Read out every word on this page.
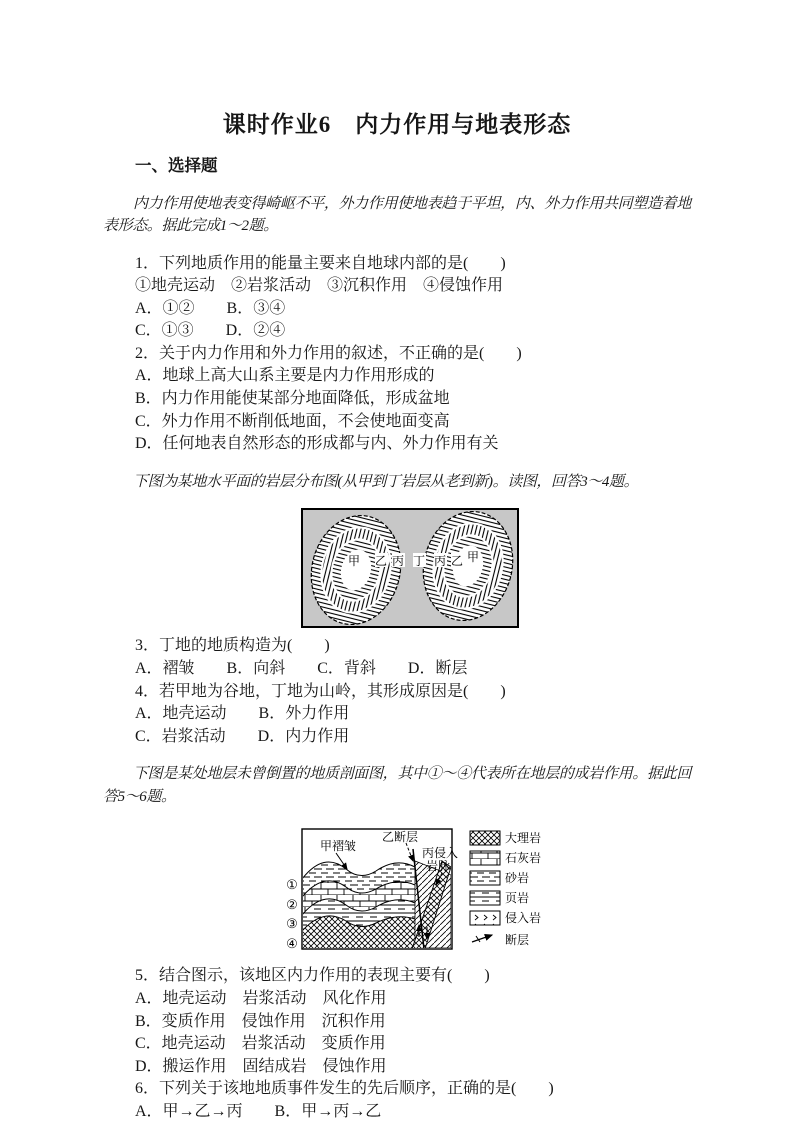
课时作业6　内力作用与地表形态
一、选择题

内力作用使地表变得崎岖不平，外力作用使地表趋于平坦，内、外力作用共同塑造着地表形态。据此完成1～2题。

1．下列地质作用的能量主要来自地球内部的是(　　)
①地壳运动　②岩浆活动　③沉积作用　④侵蚀作用
A．①②　　B．③④
C．①③　　D．②④
2．关于内力作用和外力作用的叙述，不正确的是(　　)
A．地球上高大山系主要是内力作用形成的
B．内力作用能使某部分地面降低，形成盆地
C．外力作用不断削低地面，不会使地面变高
D．任何地表自然形态的形成都与内、外力作用有关

下图为某地水平面的岩层分布图(从甲到丁岩层从老到新)。读图，回答3～4题。

甲 乙 丙 丁 丙 乙 甲
3．丁地的地质构造为(　　)
A．褶皱　　B．向斜　　C．背斜　　D．断层
4．若甲地为谷地，丁地为山岭，其形成原因是(　　)
A．地壳运动　　B．外力作用
C．岩浆活动　　D．内力作用

下图是某处地层未曾倒置的地质剖面图，其中①～④代表所在地层的成岩作用。据此回答5～6题。

①
②
③
④
甲褶皱
乙断层
丙侵入
岩脉
大理岩
石灰岩
砂岩
页岩
侵入岩
断层
5．结合图示，该地区内力作用的表现主要有(　　)
A．地壳运动　岩浆活动　风化作用
B．变质作用　侵蚀作用　沉积作用
C．地壳运动　岩浆活动　变质作用
D．搬运作用　固结成岩　侵蚀作用
6．下列关于该地地质事件发生的先后顺序，正确的是(　　)
A．甲→乙→丙　　B．甲→丙→乙
